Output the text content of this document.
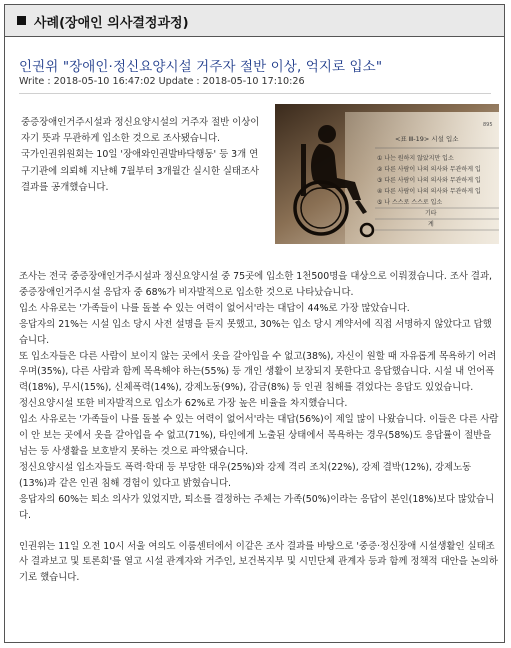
사례(장애인 의사결정과정)
인권위 "장애인·정신요양시설 거주자 절반 이상, 억지로 입소"
Write : 2018-05-10 16:47:02 Update : 2018-05-10 17:10:26

중증장애인거주시설과 정신요양시설의 거주자 절반 이상이 자기 뜻과 무관하게 입소한 것으로 조사됐습니다.

국가인권위원회는 10일 '장애와인권발바닥행동' 등 3개 연구기관에 의뢰해 지난해 7월부터 3개월간 실시한 실태조사 결과를 공개했습니다.

895
<표 Ⅲ-19> 시설 입소
① 나는 원하지 않았지만 입소
② 다른 사람이 나의 의사와 무관하게 입
③ 다른 사람이 나의 의사와 무관하게 입
④ 다른 사람이 나의 의사와 무관하게 입
⑤ 나 스스로 스스로 입소
기타
계

조사는 전국 중증장애인거주시설과 정신요양시설 중 75곳에 입소한 1천500명을 대상으로 이뤄졌습니다. 조사 결과, 중증장애인거주시설 응답자 중 68%가 비자발적으로 입소한 것으로 나타났습니다.

입소 사유로는 '가족들이 나를 돌볼 수 있는 여력이 없어서'라는 대답이 44%로 가장 많았습니다.

응답자의 21%는 시설 입소 당시 사전 설명을 듣지 못했고, 30%는 입소 당시 계약서에 직접 서명하지 않았다고 답했습니다.

또 입소자들은 다른 사람이 보이지 않는 곳에서 옷을 갈아입을 수 없고(38%), 자신이 원할 때 자유롭게 목욕하기 어려우며(35%), 다른 사람과 함께 목욕해야 하는(55%) 등 개인 생활이 보장되지 못한다고 응답했습니다. 시설 내 언어폭력(18%), 무시(15%), 신체폭력(14%), 강제노동(9%), 감금(8%) 등 인권 침해를 겪었다는 응답도 있었습니다.

정신요양시설 또한 비자발적으로 입소가 62%로 가장 높은 비율을 차지했습니다.

입소 사유로는 '가족들이 나를 돌볼 수 있는 여력이 없어서'라는 대답(56%)이 제일 많이 나왔습니다. 이들은 다른 사람이 안 보는 곳에서 옷을 갈아입을 수 없고(71%), 타인에게 노출된 상태에서 목욕하는 경우(58%)도 응답률이 절반을 넘는 등 사생활을 보호받지 못하는 것으로 파악됐습니다.

정신요양시설 입소자들도 폭력·학대 등 부당한 대우(25%)와 강제 격리 조치(22%), 강제 결박(12%), 강제노동(13%)과 같은 인권 침해 경험이 있다고 밝혔습니다.

응답자의 60%는 퇴소 의사가 있었지만, 퇴소를 결정하는 주체는 가족(50%)이라는 응답이 본인(18%)보다 많았습니다.

인권위는 11일 오전 10시 서울 여의도 이룸센터에서 이같은 조사 결과를 바탕으로 '중증·정신장애 시설생활인 실태조사 결과보고 및 토론회'를 열고 시설 관계자와 거주인, 보건복지부 및 시민단체 관계자 등과 함께 정책적 대안을 논의하기로 했습니다.
